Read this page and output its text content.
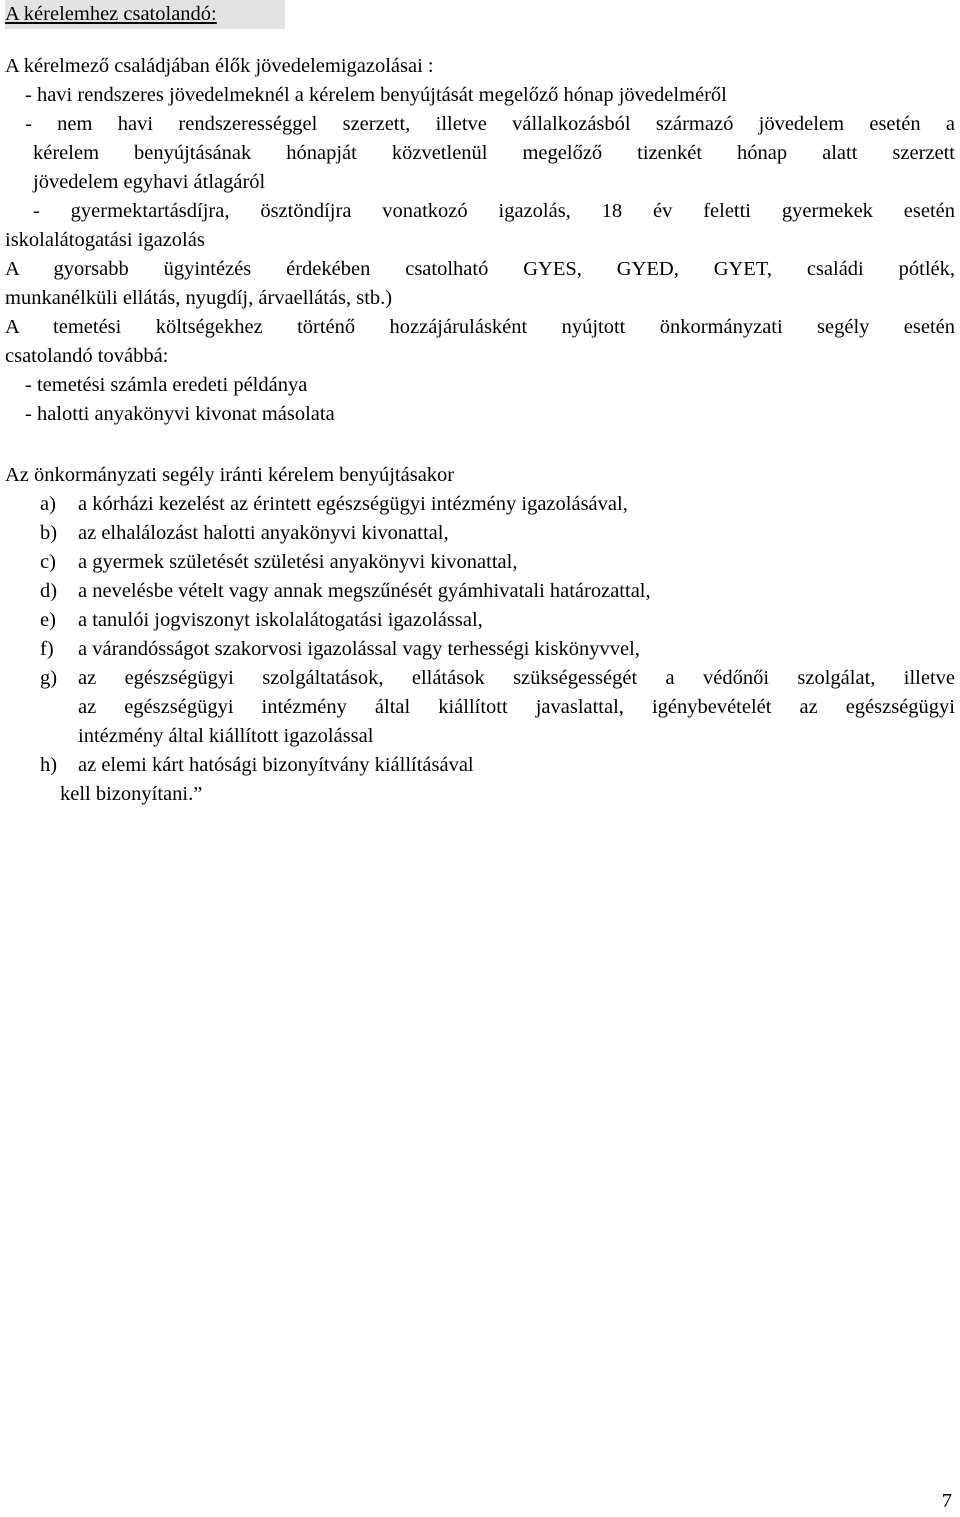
A kérelemhez csatolandó:
A kérelmező családjában élők jövedelemigazolásai :
- havi rendszeres jövedelmeknél a kérelem benyújtását megelőző hónap jövedelméről
- nem havi rendszerességgel szerzett, illetve vállalkozásból származó jövedelem esetén a
kérelem benyújtásának hónapját közvetlenül megelőző tizenkét hónap alatt szerzett
jövedelem egyhavi átlagáról
- gyermektartásdíjra, ösztöndíjra vonatkozó igazolás, 18 év feletti gyermekek esetén
iskolalátogatási igazolás
A gyorsabb ügyintézés érdekében csatolható GYES, GYED, GYET, családi pótlék,
munkanélküli ellátás, nyugdíj, árvaellátás, stb.)
A temetési költségekhez történő hozzájárulásként nyújtott önkormányzati segély esetén
csatolandó továbbá:
- temetési számla eredeti példánya
- halotti anyakönyvi kivonat másolata
Az önkormányzati segély iránti kérelem benyújtásakor
a)	a kórházi kezelést az érintett egészségügyi intézmény igazolásával,
b)	az elhalálozást halotti anyakönyvi kivonattal,
c)	a gyermek születését születési anyakönyvi kivonattal,
d)	a nevelésbe vételt vagy annak megszűnését gyámhivatali határozattal,
e)	a tanulói jogviszonyt iskolalátogatási igazolással,
f)	a várandósságot szakorvosi igazolással vagy terhességi kiskönyvvel,
g)	az egészségügyi szolgáltatások, ellátások szükségességét a védőnői szolgálat, illetve
az egészségügyi intézmény által kiállított javaslattal, igénybevételét az egészségügyi
intézmény által kiállított igazolással
h)	az elemi kárt hatósági bizonyítvány kiállításával
kell bizonyítani.”
7
